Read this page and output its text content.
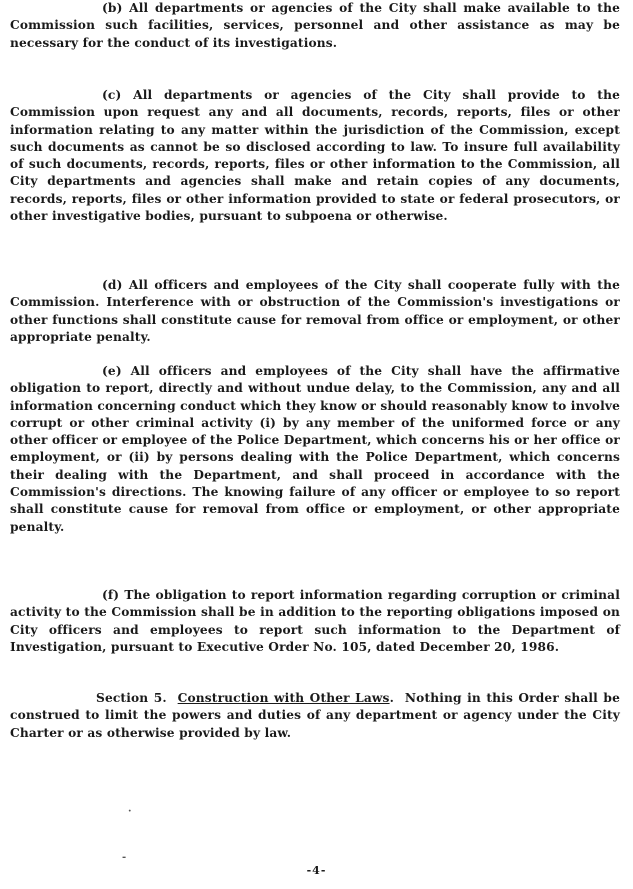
(b) All departments or agencies of the City shall make available to the Commission such facilities, services, personnel and other assistance as may be necessary for the conduct of its investigations.

(c) All departments or agencies of the City shall provide to the Commission upon request any and all documents, records, reports, files or other information relating to any matter within the jurisdiction of the Commission, except such documents as cannot be so disclosed according to law. To insure full availability of such documents, records, reports, files or other information to the Commission, all City departments and agencies shall make and retain copies of any documents, records, reports, files or other information provided to state or federal prosecutors, or other investigative bodies, pursuant to subpoena or otherwise.

(d) All officers and employees of the City shall cooperate fully with the Commission. Interference with or obstruction of the Commission's investigations or other functions shall constitute cause for removal from office or employment, or other appropriate penalty.

(e) All officers and employees of the City shall have the affirmative obligation to report, directly and without undue delay, to the Commission, any and all information concerning conduct which they know or should reasonably know to involve corrupt or other criminal activity (i) by any member of the uniformed force or any other officer or employee of the Police Department, which concerns his or her office or employment, or (ii) by persons dealing with the Police Department, which concerns their dealing with the Department, and shall proceed in accordance with the Commission's directions. The knowing failure of any officer or employee to so report shall constitute cause for removal from office or employment, or other appropriate penalty.

(f) The obligation to report information regarding corruption or criminal activity to the Commission shall be in addition to the reporting obligations imposed on City officers and employees to report such information to the Department of Investigation, pursuant to Executive Order No. 105, dated December 20, 1986.

Section 5. Construction with Other Laws. Nothing in this Order shall be construed to limit the powers and duties of any department or agency under the City Charter or as otherwise provided by law.

·
-
-4-
